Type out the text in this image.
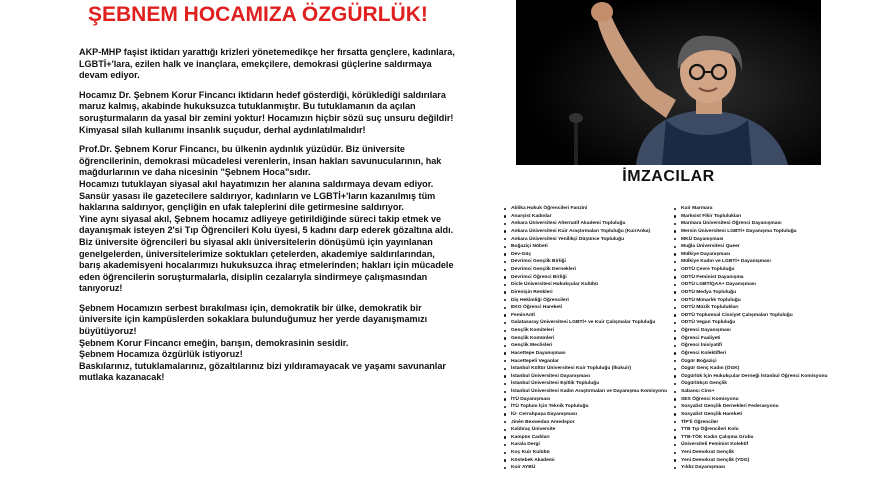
ŞEBNEM HOCAMIZA ÖZGÜRLÜK!

AKP-MHP faşist iktidarı yarattığı krizleri yönetemedikçe her fırsatta gençlere, kadınlara, LGBTİ+'lara, ezilen halk ve inançlara, emekçilere, demokrasi güçlerine saldırmaya devam ediyor.

Hocamız Dr. Şebnem Korur Fincancı iktidarın hedef gösterdiği, körüklediği saldırılara maruz kalmış, akabinde hukuksuzca tutuklanmıştır. Bu tutuklamanın da açılan soruşturmaların da yasal bir zemini yoktur! Hocamızın hiçbir sözü suç unsuru değildir! Kimyasal silah kullanımı insanlık suçudur, derhal aydınlatılmalıdır!

Prof.Dr. Şebnem Korur Fincancı, bu ülkenin aydınlık yüzüdür. Biz üniversite öğrencilerinin, demokrasi mücadelesi verenlerin, insan hakları savunucularının, hak mağdurlarının ve daha nicesinin "Şebnem Hoca"sıdır.

Hocamızı tutuklayan siyasal akıl hayatımızın her alanına saldırmaya devam ediyor. Sansür yasası ile gazetecilere saldırıyor, kadınların ve LGBTİ+'ların kazanılmış tüm haklarına saldırıyor, gençliğin en ufak taleplerini dile getirmesine saldırıyor.

Yine aynı siyasal akıl, Şebnem hocamız adliyeye getirildiğinde süreci takip etmek ve dayanışmak isteyen 2'si Tıp Öğrencileri Kolu üyesi, 5 kadını darp ederek gözaltına aldı.

Biz üniversite öğrencileri bu siyasal aklı üniversitelerin dönüşümü için yayınlanan genelgelerden, üniversitelerimize soktukları çetelerden, akademiye saldırılarından, barış akademisyeni hocalarımızı hukuksuzca ihraç etmelerinden; hakları için mücadele eden öğrencilerin soruşturmalarla, disiplin cezalarıyla sindirmeye çalışmasından tanıyoruz!

Şebnem Hocamızın serbest bırakılması için, demokratik bir ülke, demokratik bir üniversite için kampüslerden sokaklara bulunduğumuz her yerde dayanışmamızı büyütüyoruz!

Şebnem Korur Fincancı emeğin, barışın, demokrasinin sesidir.

Şebnem Hocamıza özgürlük istiyoruz!

Baskılarınız, tutuklamalarınız, gözaltılarınız bizi yıldıramayacak ve yaşamı savunanlar mutlaka kazanacak!

İMZACILAR
Ablika Hukuk Öğrencileri Fanzini
Anarşist Kadınlar
Ankara Üniversitesi Alternatif Akademi Topluluğu
Ankara Üniversitesi Kuir Araştırmaları Topluluğu (KuirAnka)
Ankara Üniversitesi Yenilikçi Düşünce Topluluğu
Boğaziçi Nöbeti
Dev-Güç
Devrimci Gençlik Birliği
Devrimci Gençlik Dernekleri
Devrimci Öğrenci Birliği
Dicle Üniversitesi Hukukçular Kulübü
Direnişin Renkleri
Diş Hekimliği Öğrencileri
EKO Öğrenci Hareketi
FeminAntl
Galatasaray Üniversitesi LGBTİ+ ve Kuir Çalışmalar Topluluğu
Gençlik Komiteleri
Gençlik Komünleri
Gençlik Meclisleri
Hacettepe Dayanışması
Hacettepeli Veganlar
İstanbul Kültür Üniversitesi Kuir Topluluğu (İkukuir)
İstanbul Üniversitesi Dayanışması
İstanbul Üniversitesi Eşitlik Topluluğu
İstanbul Üniversitesi Kadın Araştırmaları ve Dayanışma Komisyonu
İTÜ Dayanışması
İTÜ Toplum İçin Teknik Topluluğu
İÜ- Cerrahpaşa Dayanışması
Jinên Bexwedan Amedspor
Kaldıraç Üniversite
Kampüs Cadıları
Karala Dergi
Koç Kuir Kulübü
Köstebek Akademi
Kuir AYBÜ
Kuir Marmara
Marksist Fikir Toplulukları
Marmara Üniversitesi Öğrenci Dayanışması
Mersin Üniversitesi LGBTİ+ Dayanışma Topluluğu
MKÜ Dayanışması
Muğla Üniversitesi Queer
Mülkiye Dayanışması
Mülkiye Kadın ve LGBTİ+ Dayanışması
ODTÜ Çevre Topluluğu
ODTÜ Feminist Dayanışma
ODTÜ LGBTİQAA+ Dayanışması
ODTÜ Medya Topluluğu
ODTÜ Mimarlık Topluluğu
ODTÜ Müzik Toplulukları
ODTÜ Toplumsal Cinsiyet Çalışmaları Topluluğu
ODTÜ Vegan Topluluğu
Öğrenci Dayanışması
Öğrenci Faaliyeti
Öğrenci İnisiyatifi
Öğrenci Kolektifleri
Özgür Boğaziçi
Özgür Genç Kadın (ÖGK)
Özgürlük İçin Hukukçular Derneği İstanbul Öğrenci Komisyonu
Özgürlükçü Gençlik
Sabancı Cins+
SES Öğrenci Komisyonu
Sosyalist Gençlik Dernekleri Federasyonu
Sosyalist Gençlik Hareketi
TİP'li Öğrenciler
TTB Tıp Öğrencileri Kolu
TTB-TÖK Kadın Çalışma Grubu
Üniversiteli Feminist Kolektif
Yeni Demokrat Gençlik
Yeni Demokrat Gençlik (YDG)
Yıldız Dayanışması
